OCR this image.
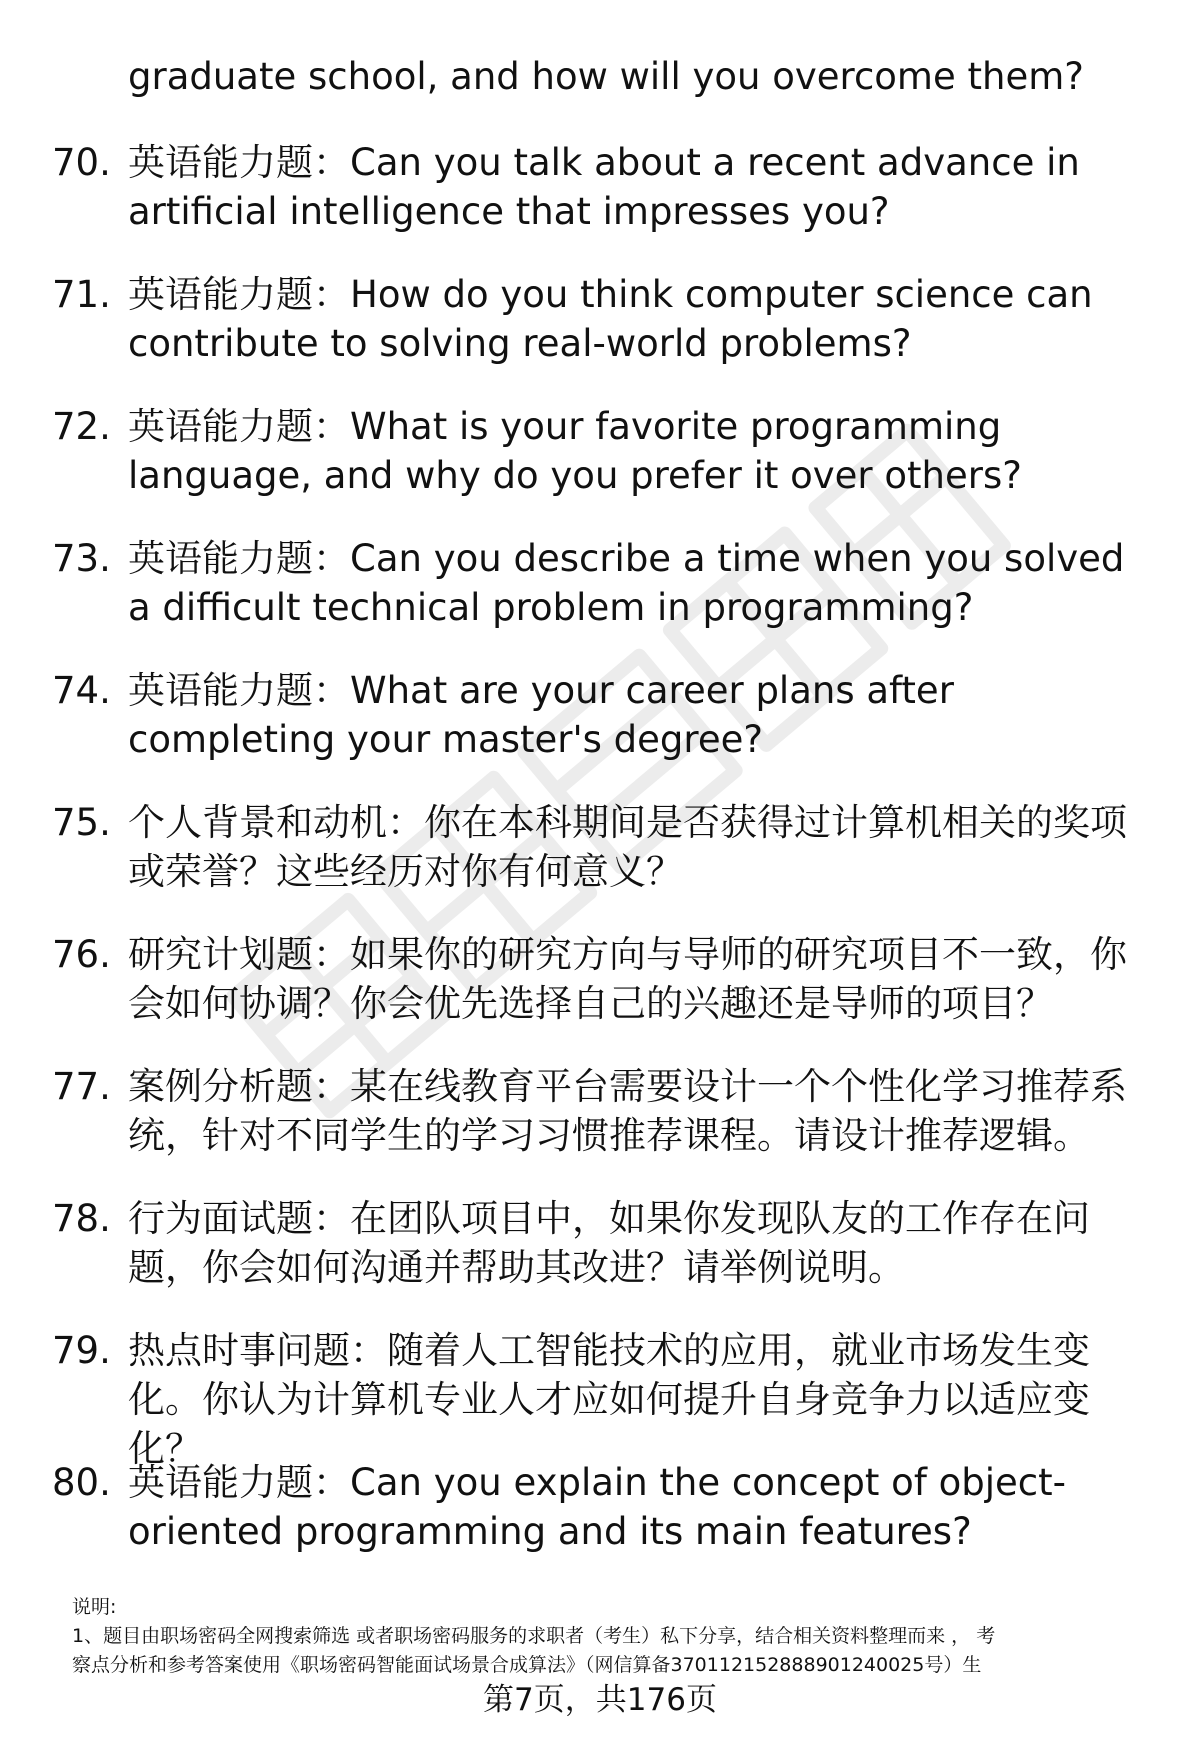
graduate school, and how will you overcome them?
70. 英语能力题：Can you talk about a recent advance in artificial intelligence that impresses you?
71. 英语能力题：How do you think computer science can contribute to solving real-world problems?
72. 英语能力题：What is your favorite programming language, and why do you prefer it over others?
73. 英语能力题：Can you describe a time when you solved a difficult technical problem in programming?
74. 英语能力题：What are your career plans after completing your master's degree?
75. 个人背景和动机：你在本科期间是否获得过计算机相关的奖项或荣誉？这些经历对你有何意义？
76. 研究计划题：如果你的研究方向与导师的研究项目不一致，你会如何协调？你会优先选择自己的兴趣还是导师的项目？
77. 案例分析题：某在线教育平台需要设计一个个性化学习推荐系统，针对不同学生的学习习惯推荐课程。请设计推荐逻辑。
78. 行为面试题：在团队项目中，如果你发现队友的工作存在问题，你会如何沟通并帮助其改进？请举例说明。
79. 热点时事问题：随着人工智能技术的应用，就业市场发生变化。你认为计算机专业人才应如何提升自身竞争力以适应变化？
80. 英语能力题：Can you explain the concept of object-oriented programming and its main features?
说明:
1、题目由职场密码全网搜索筛选 或者职场密码服务的求职者（考生）私下分享，结合相关资料整理而来 ， 考
察点分析和参考答案使用《职场密码智能面试场景合成算法》（网信算备370112152888901240025号）生
第7页，共176页
